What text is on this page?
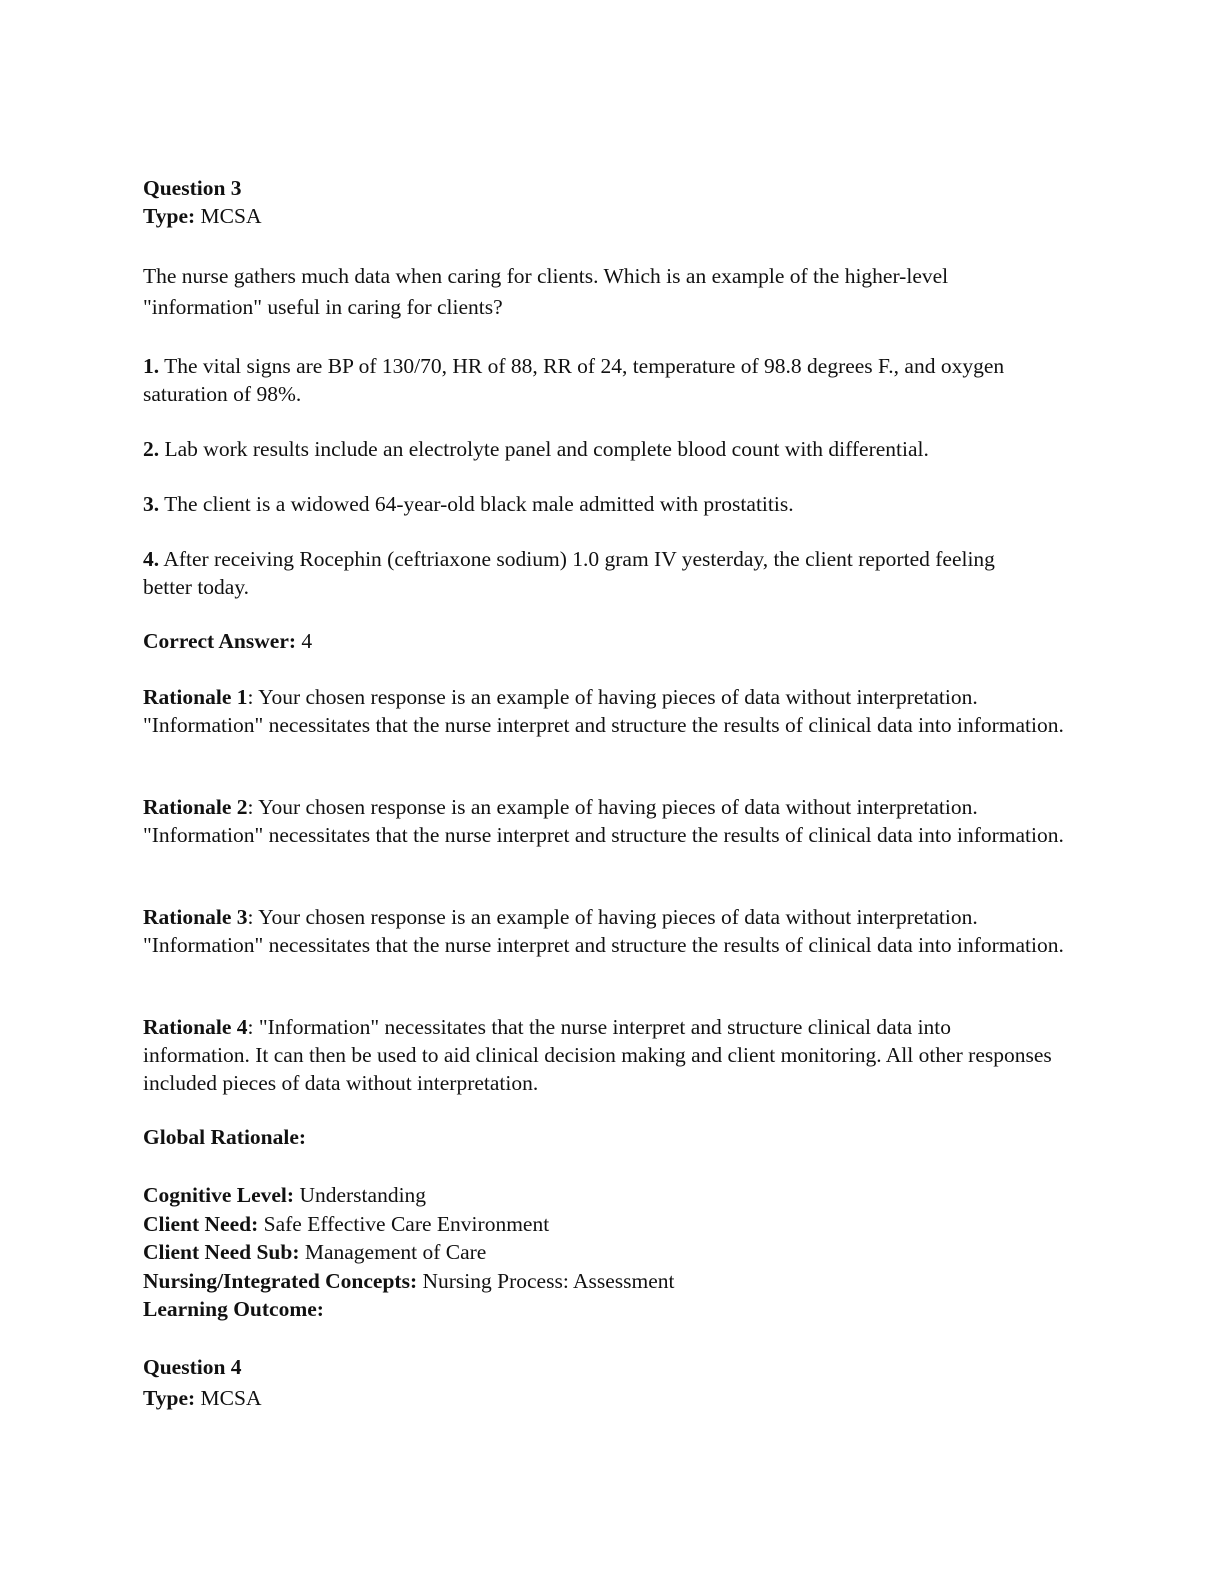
Question 3
Type: MCSA

The nurse gathers much data when caring for clients. Which is an example of the higher-level "information" useful in caring for clients?

1. The vital signs are BP of 130/70, HR of 88, RR of 24, temperature of 98.8 degrees F., and oxygen saturation of 98%.

2. Lab work results include an electrolyte panel and complete blood count with differential.

3. The client is a widowed 64-year-old black male admitted with prostatitis.

4. After receiving Rocephin (ceftriaxone sodium) 1.0 gram IV yesterday, the client reported feeling better today.

Correct Answer: 4

Rationale 1: Your chosen response is an example of having pieces of data without interpretation. "Information" necessitates that the nurse interpret and structure the results of clinical data into information.

Rationale 2: Your chosen response is an example of having pieces of data without interpretation. "Information" necessitates that the nurse interpret and structure the results of clinical data into information.

Rationale 3: Your chosen response is an example of having pieces of data without interpretation. "Information" necessitates that the nurse interpret and structure the results of clinical data into information.

Rationale 4: "Information" necessitates that the nurse interpret and structure clinical data into information. It can then be used to aid clinical decision making and client monitoring. All other responses included pieces of data without interpretation.

Global Rationale:

Cognitive Level: Understanding
Client Need: Safe Effective Care Environment
Client Need Sub: Management of Care
Nursing/Integrated Concepts: Nursing Process: Assessment
Learning Outcome:
Question 4
Type: MCSA
